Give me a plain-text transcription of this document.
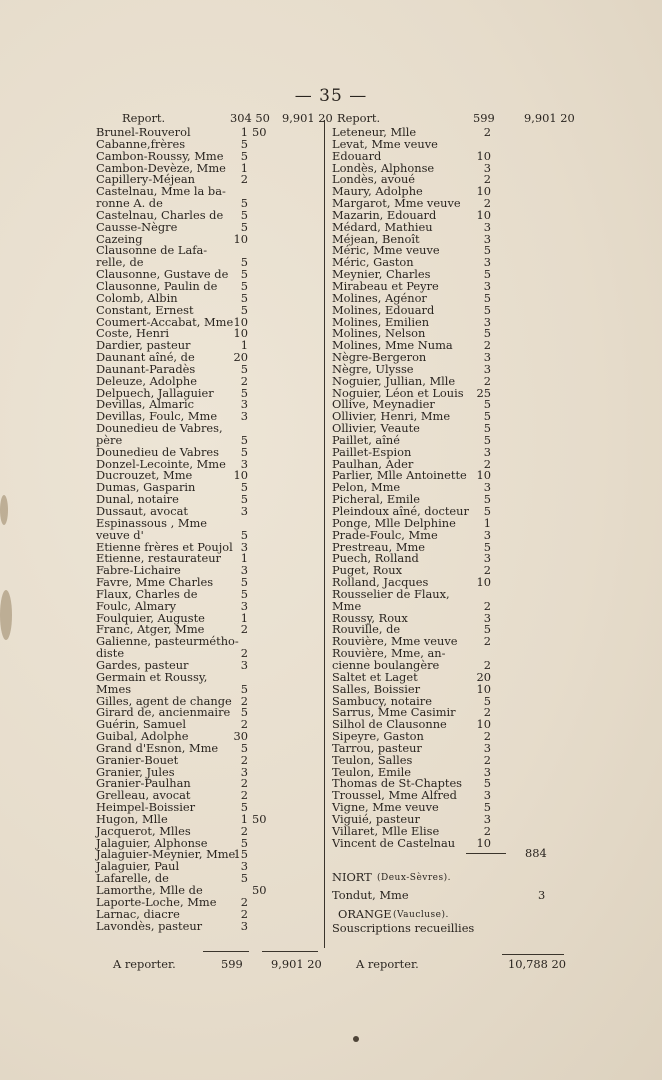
— 35 —
Report.	304 50 9,901 20
Brunel-Rouverol	1 50
Cabanne,frères	5
Cambon-Roussy, Mme	5
Cambon-Devèze, Mme	1
Capillery-Méjean	2
Castelnau, Mme la ba-
ronne A. de	5
Castelnau, Charles de	5
Causse-Nègre	5
Cazeing	10
Clausonne de Lafa-
relle, de	5
Clausonne, Gustave de	5
Clausonne, Paulin de	5
Colomb, Albin	5
Constant, Ernest	5
Coumert-Accabat, Mme 10
Coste, Henri	10
Dardier, pasteur	1
Daunant aîné, de	20
Daunant-Paradès	5
Deleuze, Adolphe	2
Delpuech, Jallaguier	5
Devillas, Almaric	3
Devillas, Foulc, Mme	3
Dounedieu de Vabres,
père	5
Dounedieu de Vabres	5
Donzel-Lecointe, Mme	3
Ducrouzet, Mme	10
Dumas, Gasparin	5
Dunal, notaire	5
Dussaut, avocat	3
Espinassous , Mme
veuve d'	5
Etienne frères et Poujol 3
Etienne, restaurateur	1
Fabre-Lichaire	3
Favre, Mme Charles	5
Flaux, Charles de	5
Foulc, Almary	3
Foulquier, Auguste	1
Franc, Atger, Mme	2
Galienne, pasteurmétho-
diste	2
Gardes, pasteur	3
Germain et Roussy,
Mmes	5
Gilles, agent de change 2
Girard de, ancienmaire 5
Guérin, Samuel	2
Guibal, Adolphe	30
Grand d'Esnon, Mme	5
Granier-Bouet	2
Granier, Jules	3
Granier-Paulhan	2
Grelleau, avocat	2
Heimpel-Boissier	5
Hugon, Mlle	1 50
Jacquerot, Mlles	2
Jalaguier, Alphonse	5
Jalaguier-Meynier, Mme
15
Jalaguier, Paul	3
Lafarelle, de	5
Lamorthe, Mlle de	50
Laporte-Loche, Mme	2
Larnac, diacre	2
Lavondès, pasteur	3
Report.	599	9,901 20
Leteneur, Mlle	2
Levat, Mme veuve
Edouard	10
Londès, Alphonse	3
Londès, avoué	2
Maury, Adolphe	10
Margarot, Mme veuve	2
Mazarin, Edouard	10
Médard, Mathieu	3
Méjean, Benoît	3
Méric, Mme veuve	5
Méric, Gaston	3
Meynier, Charles	5
Mirabeau et Peyre	3
Molines, Agénor	5
Molines, Edouard	5
Molines, Emilien	3
Molines, Nelson	5
Molines, Mme Numa	2
Nègre-Bergeron	3
Nègre, Ulysse	3
Noguier, Jullian, Mlle	2
Noguier, Léon et Louis	25
Ollive, Meynadier	5
Ollivier, Henri, Mme	5
Ollivier, Veaute	5
Paillet, aîné	5
Paillet-Espion	3
Paulhan, Ader	2
Parlier, Mlle Antoinette 10
Pelon, Mme	3
Picheral, Emile	5
Pleindoux aîné, docteur	5
Ponge, Mlle Delphine	1
Prade-Foulc, Mme	3
Prestreau, Mme	5
Puech, Rolland	3
Puget, Roux	2
Rolland, Jacques	10
Rousselier de Flaux,
Mme	2
Roussy, Roux	3
Rouville, de	5
Rouvière, Mme veuve	2
Rouvière, Mme, an-
cienne boulangère	2
Saltet et Laget	20
Salles, Boissier	10
Sambucy, notaire	5
Sarrus, Mme Casimir	2
Silhol de Clausonne	10
Sipeyre, Gaston	2
Tarrou, pasteur	3
Teulon, Salles	2
Teulon, Emile	3
Thomas de St-Chaptes	5
Troussel, Mme Alfred	3
Vigne, Mme veuve	5
Viguié, pasteur	3
Villaret, Mlle Elise	2
Vincent de Castelnau	10
884
NIORT (Deux-Sèvres).
Tondut, Mme	3
ORANGE (Vaucluse).
Souscriptions recueillies
A reporter.	599 9,901 20	A reporter.	10,788 20
